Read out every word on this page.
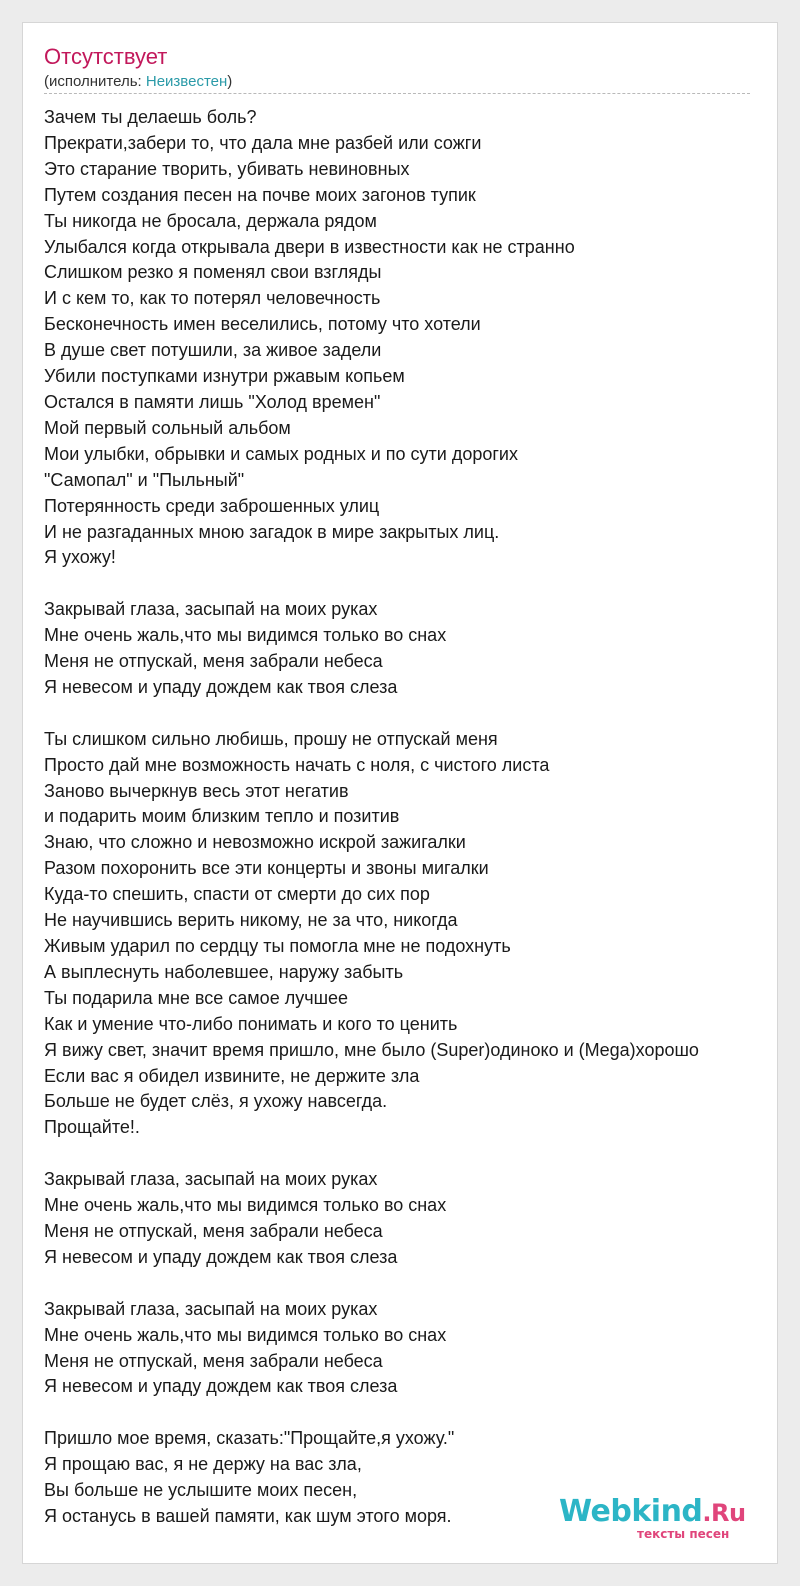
Отсутствует
(исполнитель: Неизвестен)
Зачем ты делаешь боль?
Прекрати,забери то, что дала мне разбей или сожги
Это старание творить, убивать невиновных
Путем создания песен на почве моих загонов тупик
Ты никогда не бросала, держала рядом
Улыбался когда открывала двери в известности как не странно
Слишком резко я поменял свои взгляды
И с кем то, как то потерял человечность
Бесконечность имен веселились, потому что хотели
В душе свет потушили, за живое задели
Убили поступками изнутри ржавым копьем
Остался в памяти лишь "Холод времен"
Мой первый сольный альбом
Мои улыбки, обрывки и самых родных и по сути дорогих
"Самопал" и "Пыльный"
Потерянность среди заброшенных улиц
И не разгаданных мною загадок в мире закрытых лиц.
Я ухожу!

Закрывай глаза, засыпай на моих руках
Мне очень жаль,что мы видимся только во снах
Меня не отпускай, меня забрали небеса
Я невесом и упаду дождем как твоя слеза

Ты слишком сильно любишь, прошу не отпускай меня
Просто дай мне возможность начать с ноля, с чистого листа
Заново вычеркнув весь этот негатив
и подарить моим близким тепло и позитив
Знаю, что сложно и невозможно искрой зажигалки
Разом похоронить все эти концерты и звоны мигалки
Куда-то спешить, спасти от смерти до сих пор
Не научившись верить никому, не за что, никогда
Живым ударил по сердцу ты помогла мне не подохнуть
А выплеснуть наболевшее, наружу забыть
Ты подарила мне все самое лучшее
Как и умение что-либо понимать и кого то ценить
Я вижу свет, значит время пришло, мне было (Super)одиноко и (Mega)хорошо
Если вас я обидел извините, не держите зла
Больше не будет слёз, я ухожу навсегда.
Прощайте!.

Закрывай глаза, засыпай на моих руках
Мне очень жаль,что мы видимся только во снах
Меня не отпускай, меня забрали небеса
Я невесом и упаду дождем как твоя слеза

Закрывай глаза, засыпай на моих руках
Мне очень жаль,что мы видимся только во снах
Меня не отпускай, меня забрали небеса
Я невесом и упаду дождем как твоя слеза

Пришло мое время, сказать:"Прощайте,я ухожу."
Я прощаю вас, я не держу на вас зла,
Вы больше не услышите моих песен,
Я останусь в вашей памяти, как шум этого моря.	Webkind.Ru
тексты песен
